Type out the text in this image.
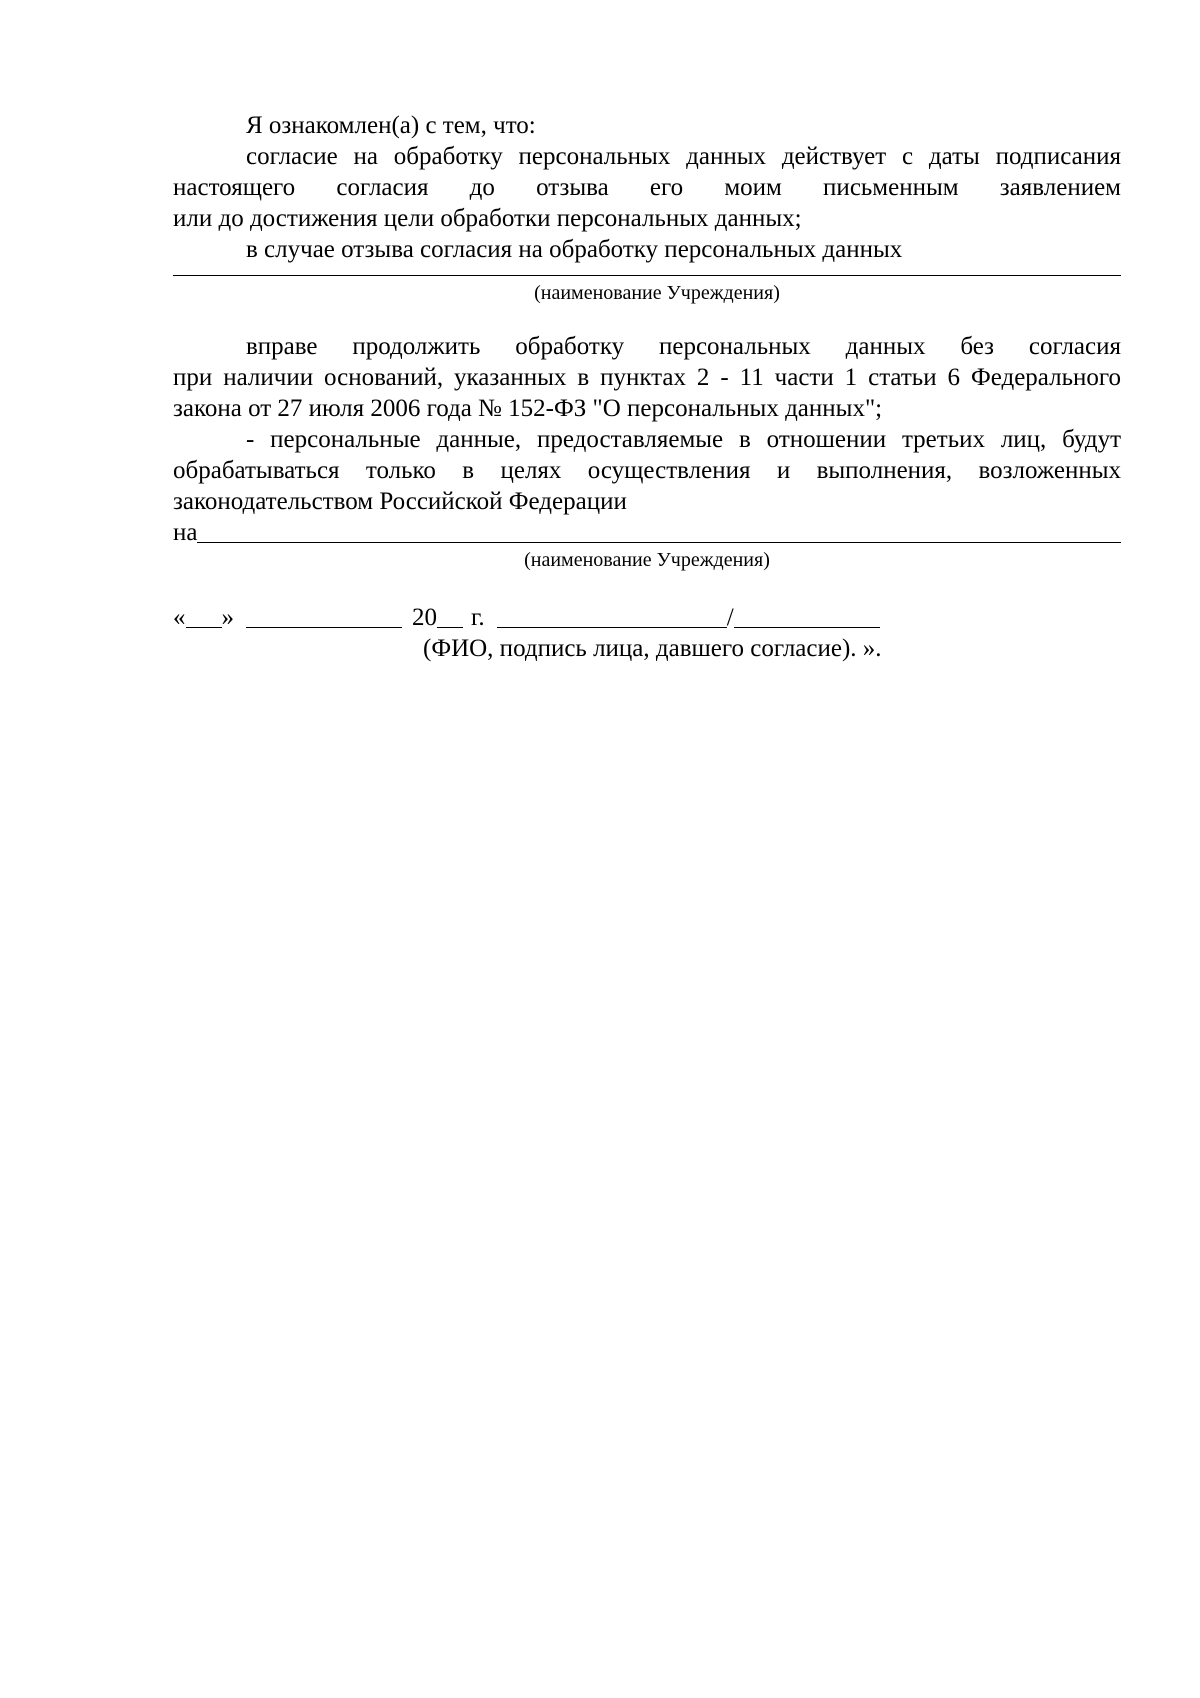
Я ознакомлен(а) с тем, что:

согласие на обработку персональных данных действует с даты подписания

настоящего согласия до отзыва его моим письменным заявлением

или до достижения цели обработки персональных данных;

в случае отзыва согласия на обработку персональных данных

(наименование Учреждения)

вправе продолжить обработку персональных данных без согласия

при наличии оснований, указанных в пунктах 2 - 11 части 1 статьи 6 Федерального

закона от 27 июля 2006 года № 152-ФЗ "О персональных данных";

- персональные данные, предоставляемые в отношении третьих лиц, будут

обрабатываться только в целях осуществления и выполнения, возложенных

законодательством Российской Федерации

на

(наименование Учреждения)

« »	20 г.	/

(ФИО, подпись лица, давшего согласие). ».
